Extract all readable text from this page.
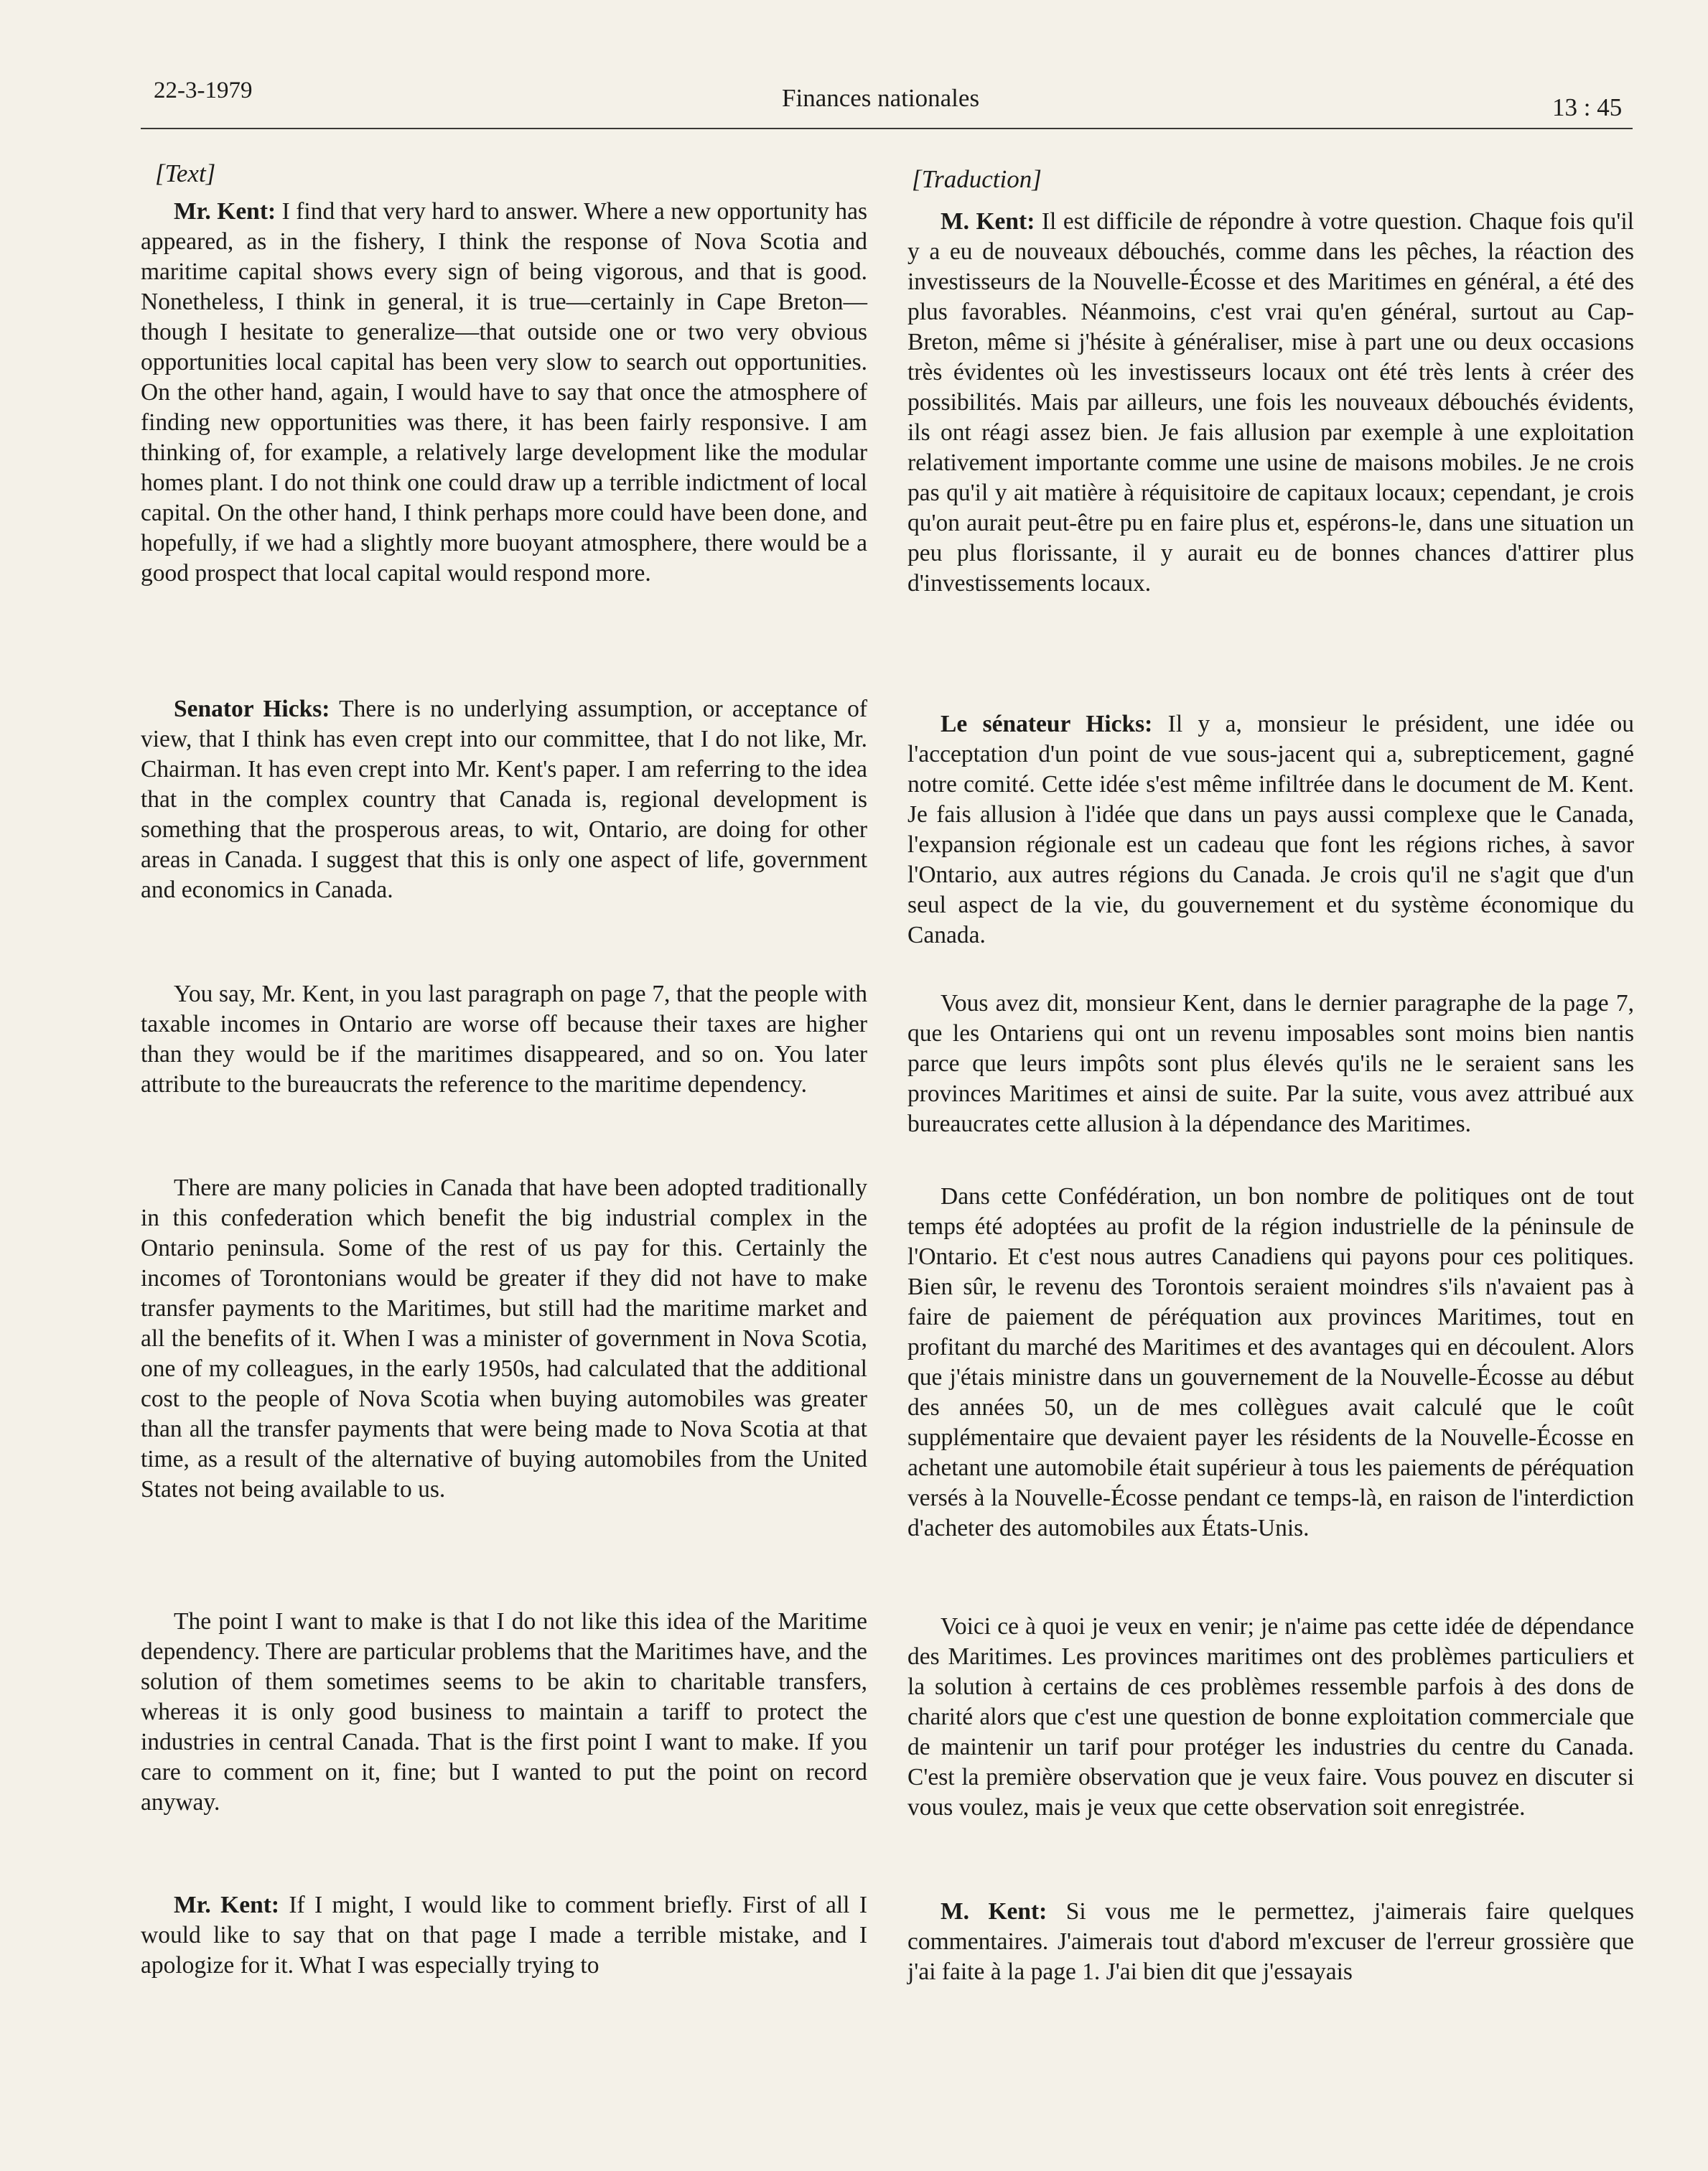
22-3-1979	Finances nationales	13 : 45
[Text]

Mr. Kent: I find that very hard to answer. Where a new opportunity has appeared, as in the fishery, I think the response of Nova Scotia and maritime capital shows every sign of being vigorous, and that is good. Nonetheless, I think in general, it is true—certainly in Cape Breton—though I hesitate to generalize—that outside one or two very obvious opportunities local capital has been very slow to search out opportunities. On the other hand, again, I would have to say that once the atmosphere of finding new opportunities was there, it has been fairly responsive. I am thinking of, for example, a relatively large development like the modular homes plant. I do not think one could draw up a terrible indictment of local capital. On the other hand, I think perhaps more could have been done, and hopefully, if we had a slightly more buoyant atmosphere, there would be a good prospect that local capital would respond more.

Senator Hicks: There is no underlying assumption, or acceptance of view, that I think has even crept into our committee, that I do not like, Mr. Chairman. It has even crept into Mr. Kent's paper. I am referring to the idea that in the complex country that Canada is, regional development is something that the prosperous areas, to wit, Ontario, are doing for other areas in Canada. I suggest that this is only one aspect of life, government and economics in Canada.

You say, Mr. Kent, in you last paragraph on page 7, that the people with taxable incomes in Ontario are worse off because their taxes are higher than they would be if the maritimes disappeared, and so on. You later attribute to the bureaucrats the reference to the maritime dependency.

There are many policies in Canada that have been adopted traditionally in this confederation which benefit the big industrial complex in the Ontario peninsula. Some of the rest of us pay for this. Certainly the incomes of Torontonians would be greater if they did not have to make transfer payments to the Maritimes, but still had the maritime market and all the benefits of it. When I was a minister of government in Nova Scotia, one of my colleagues, in the early 1950s, had calculated that the additional cost to the people of Nova Scotia when buying automobiles was greater than all the transfer payments that were being made to Nova Scotia at that time, as a result of the alternative of buying automobiles from the United States not being available to us.

The point I want to make is that I do not like this idea of the Maritime dependency. There are particular problems that the Maritimes have, and the solution of them sometimes seems to be akin to charitable transfers, whereas it is only good business to maintain a tariff to protect the industries in central Canada. That is the first point I want to make. If you care to comment on it, fine; but I wanted to put the point on record anyway.

Mr. Kent: If I might, I would like to comment briefly. First of all I would like to say that on that page I made a terrible mistake, and I apologize for it. What I was especially trying to

[Traduction]

M. Kent: Il est difficile de répondre à votre question. Chaque fois qu'il y a eu de nouveaux débouchés, comme dans les pêches, la réaction des investisseurs de la Nouvelle-Écosse et des Maritimes en général, a été des plus favorables. Néanmoins, c'est vrai qu'en général, surtout au Cap-Breton, même si j'hésite à généraliser, mise à part une ou deux occasions très évidentes où les investisseurs locaux ont été très lents à créer des possibilités. Mais par ailleurs, une fois les nouveaux débouchés évidents, ils ont réagi assez bien. Je fais allusion par exemple à une exploitation relativement importante comme une usine de maisons mobiles. Je ne crois pas qu'il y ait matière à réquisitoire de capitaux locaux; cependant, je crois qu'on aurait peut-être pu en faire plus et, espérons-le, dans une situation un peu plus florissante, il y aurait eu de bonnes chances d'attirer plus d'investissements locaux.

Le sénateur Hicks: Il y a, monsieur le président, une idée ou l'acceptation d'un point de vue sous-jacent qui a, subrepticement, gagné notre comité. Cette idée s'est même infiltrée dans le document de M. Kent. Je fais allusion à l'idée que dans un pays aussi complexe que le Canada, l'expansion régionale est un cadeau que font les régions riches, à savor l'Ontario, aux autres régions du Canada. Je crois qu'il ne s'agit que d'un seul aspect de la vie, du gouvernement et du système économique du Canada.

Vous avez dit, monsieur Kent, dans le dernier paragraphe de la page 7, que les Ontariens qui ont un revenu imposables sont moins bien nantis parce que leurs impôts sont plus élevés qu'ils ne le seraient sans les provinces Maritimes et ainsi de suite. Par la suite, vous avez attribué aux bureaucrates cette allusion à la dépendance des Maritimes.

Dans cette Confédération, un bon nombre de politiques ont de tout temps été adoptées au profit de la région industrielle de la péninsule de l'Ontario. Et c'est nous autres Canadiens qui payons pour ces politiques. Bien sûr, le revenu des Torontois seraient moindres s'ils n'avaient pas à faire de paiement de péréquation aux provinces Maritimes, tout en profitant du marché des Maritimes et des avantages qui en découlent. Alors que j'étais ministre dans un gouvernement de la Nouvelle-Écosse au début des années 50, un de mes collègues avait calculé que le coût supplémentaire que devaient payer les résidents de la Nouvelle-Écosse en achetant une automobile était supérieur à tous les paiements de péréquation versés à la Nouvelle-Écosse pendant ce temps-là, en raison de l'interdiction d'acheter des automobiles aux États-Unis.

Voici ce à quoi je veux en venir; je n'aime pas cette idée de dépendance des Maritimes. Les provinces maritimes ont des problèmes particuliers et la solution à certains de ces problèmes ressemble parfois à des dons de charité alors que c'est une question de bonne exploitation commerciale que de maintenir un tarif pour protéger les industries du centre du Canada. C'est la première observation que je veux faire. Vous pouvez en discuter si vous voulez, mais je veux que cette observation soit enregistrée.

M. Kent: Si vous me le permettez, j'aimerais faire quelques commentaires. J'aimerais tout d'abord m'excuser de l'erreur grossière que j'ai faite à la page 1. J'ai bien dit que j'essayais
